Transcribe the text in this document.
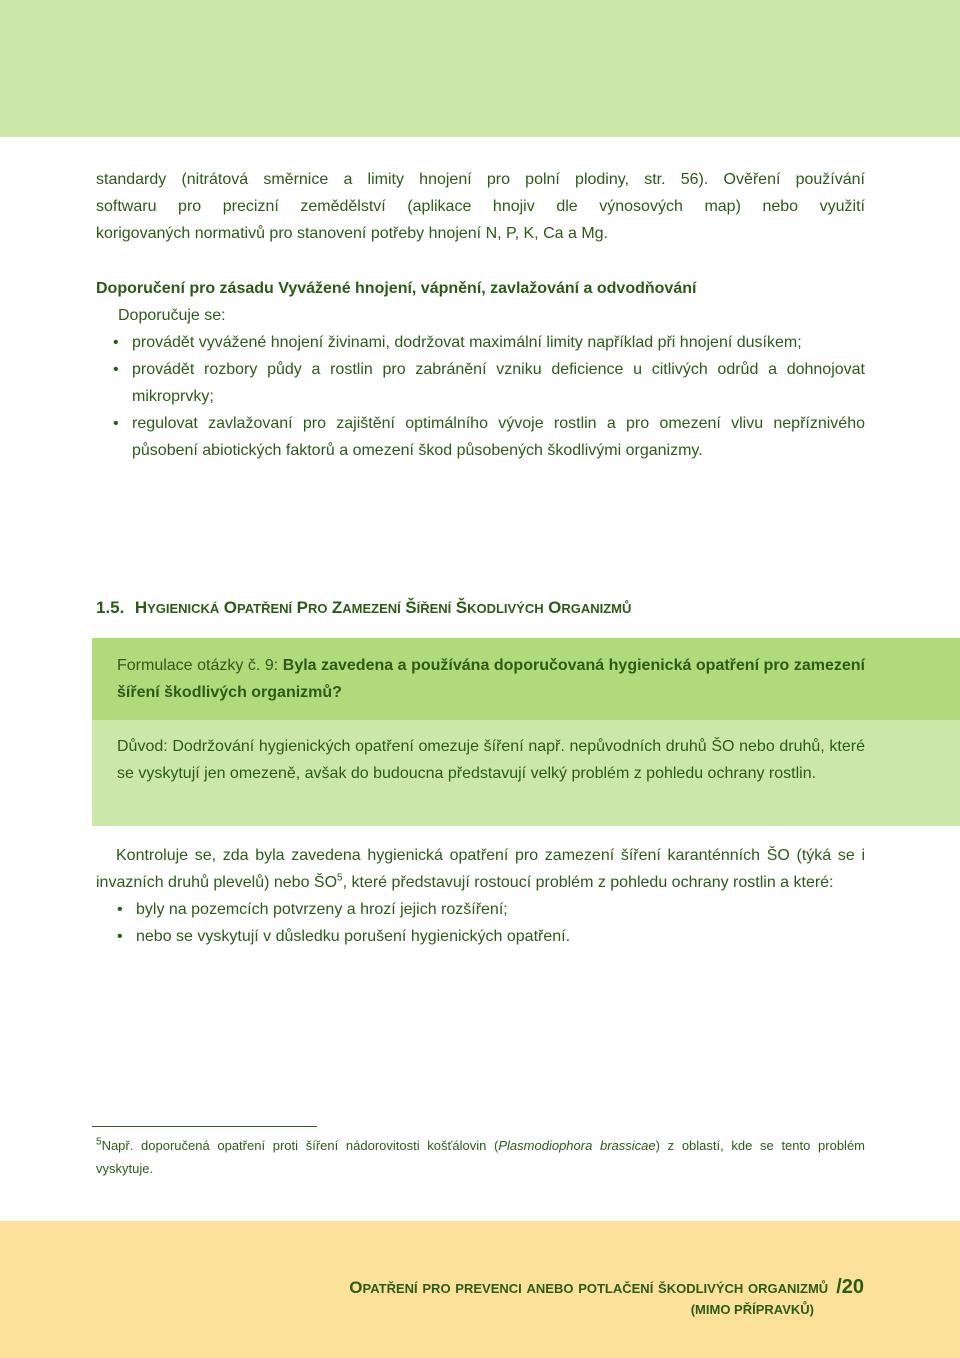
standardy (nitrátová směrnice a limity hnojení pro polní plodiny, str. 56). Ověření používání

softwaru pro precizní zemědělství (aplikace hnojiv dle výnosových map) nebo využití

korigovaných normativů pro stanovení potřeby hnojení N, P, K, Ca a Mg.

Doporučení pro zásadu Vyvážené hnojení, vápnění, zavlažování a odvodňování

Doporučuje se:

• provádět vyvážené hnojení živinami, dodržovat maximální limity například při hnojení dusíkem;
• provádět rozbory půdy a rostlin pro zabránění vzniku deficience u citlivých odrůd a dohnojovat mikroprvky;
• regulovat zavlažovaní pro zajištění optimálního vývoje rostlin a pro omezení vlivu nepříznivého působení abiotických faktorů a omezení škod působených škodlivými organizmy.

1.5. HYGIENICKÁ OPATŘENÍ PRO ZAMEZENÍ ŠÍŘENÍ ŠKODLIVÝCH ORGANIZMŮ

Formulace otázky č. 9: Byla zavedena a používána doporučovaná hygienická opatření pro zamezení šíření škodlivých organizmů?

Důvod: Dodržování hygienických opatření omezuje šíření např. nepůvodních druhů ŠO nebo druhů, které se vyskytují jen omezeně, avšak do budoucna představují velký problém z pohledu ochrany rostlin.

Kontroluje se, zda byla zavedena hygienická opatření pro zamezení šíření karanténních ŠO (týká se i invazních druhů plevelů) nebo $ŠO^5$, které představují rostoucí problém z pohledu ochrany rostlin a které:

• byly na pozemcích potvrzeny a hrozí jejich rozšíření;
• nebo se vyskytují v důsledku porušení hygienických opatření.
$^5$Např. doporučená opatření proti šíření nádorovitosti košťálovin (Plasmodiophora brassicae) z oblastí, kde se tento problém vyskytuje.
OPATŘENÍ PRO PREVENCI ANEBO POTLAČENÍ ŠKODLIVÝCH ORGANIZMŮ /20
(MIMO PŘÍPRAVKŮ)
